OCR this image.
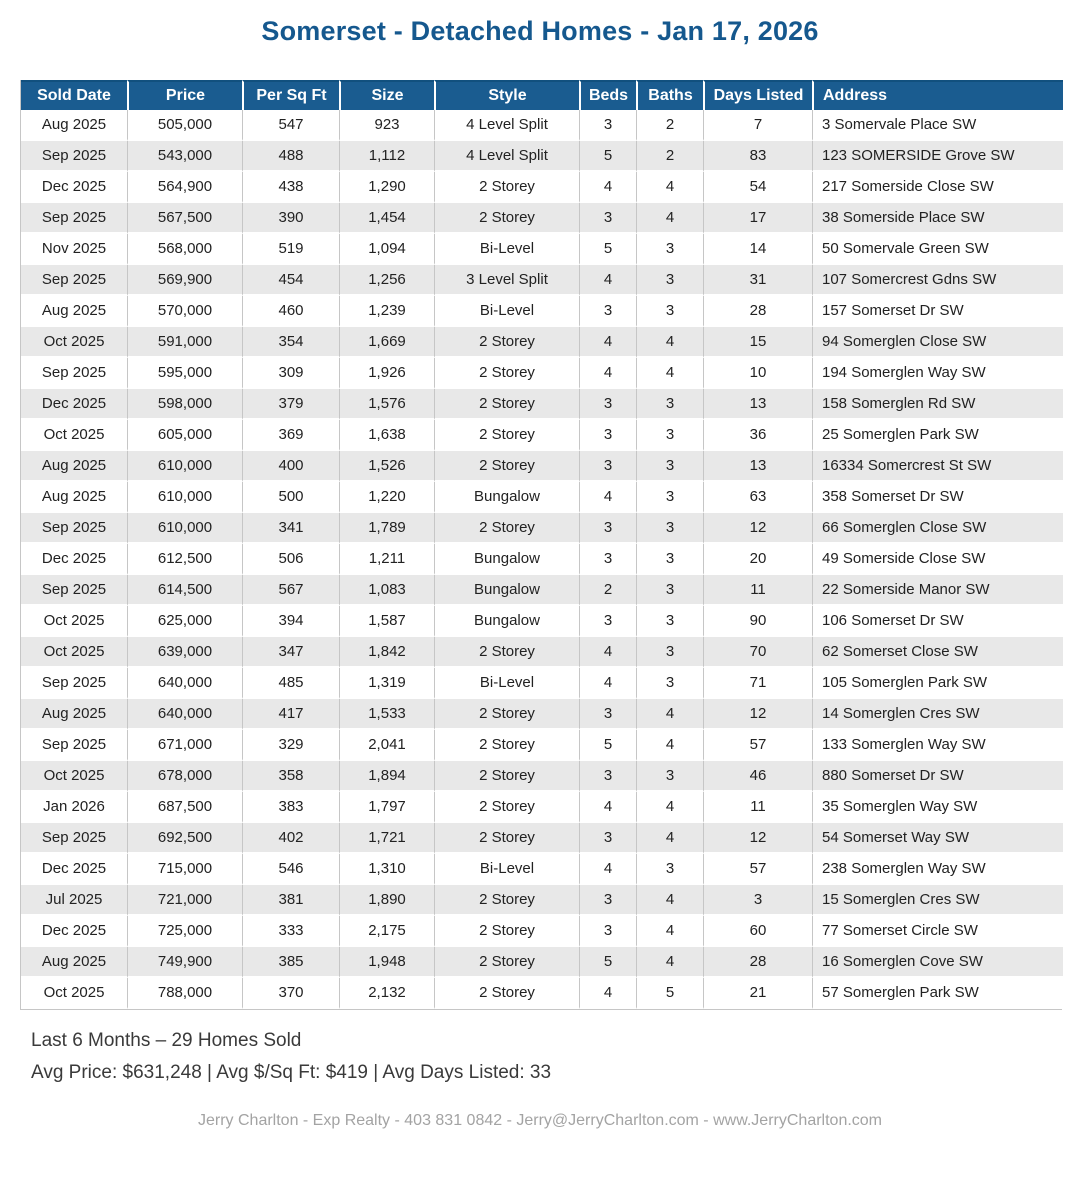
Somerset - Detached Homes - Jan 17, 2026
Sold Date	Price	Per Sq Ft	Size	Style	Beds	Baths	Days Listed	Address
Aug 2025	505,000	547	923	4 Level Split	3	2	7	3 Somervale Place SW
Sep 2025	543,000	488	1,112	4 Level Split	5	2	83	123 SOMERSIDE Grove SW
Dec 2025	564,900	438	1,290	2 Storey	4	4	54	217 Somerside Close SW
Sep 2025	567,500	390	1,454	2 Storey	3	4	17	38 Somerside Place SW
Nov 2025	568,000	519	1,094	Bi-Level	5	3	14	50 Somervale Green SW
Sep 2025	569,900	454	1,256	3 Level Split	4	3	31	107 Somercrest Gdns SW
Aug 2025	570,000	460	1,239	Bi-Level	3	3	28	157 Somerset Dr SW
Oct 2025	591,000	354	1,669	2 Storey	4	4	15	94 Somerglen Close SW
Sep 2025	595,000	309	1,926	2 Storey	4	4	10	194 Somerglen Way SW
Dec 2025	598,000	379	1,576	2 Storey	3	3	13	158 Somerglen Rd SW
Oct 2025	605,000	369	1,638	2 Storey	3	3	36	25 Somerglen Park SW
Aug 2025	610,000	400	1,526	2 Storey	3	3	13	16334 Somercrest St SW
Aug 2025	610,000	500	1,220	Bungalow	4	3	63	358 Somerset Dr SW
Sep 2025	610,000	341	1,789	2 Storey	3	3	12	66 Somerglen Close SW
Dec 2025	612,500	506	1,211	Bungalow	3	3	20	49 Somerside Close SW
Sep 2025	614,500	567	1,083	Bungalow	2	3	11	22 Somerside Manor SW
Oct 2025	625,000	394	1,587	Bungalow	3	3	90	106 Somerset Dr SW
Oct 2025	639,000	347	1,842	2 Storey	4	3	70	62 Somerset Close SW
Sep 2025	640,000	485	1,319	Bi-Level	4	3	71	105 Somerglen Park SW
Aug 2025	640,000	417	1,533	2 Storey	3	4	12	14 Somerglen Cres SW
Sep 2025	671,000	329	2,041	2 Storey	5	4	57	133 Somerglen Way SW
Oct 2025	678,000	358	1,894	2 Storey	3	3	46	880 Somerset Dr SW
Jan 2026	687,500	383	1,797	2 Storey	4	4	11	35 Somerglen Way SW
Sep 2025	692,500	402	1,721	2 Storey	3	4	12	54 Somerset Way SW
Dec 2025	715,000	546	1,310	Bi-Level	4	3	57	238 Somerglen Way SW
Jul 2025	721,000	381	1,890	2 Storey	3	4	3	15 Somerglen Cres SW
Dec 2025	725,000	333	2,175	2 Storey	3	4	60	77 Somerset Circle SW
Aug 2025	749,900	385	1,948	2 Storey	5	4	28	16 Somerglen Cove SW
Oct 2025	788,000	370	2,132	2 Storey	4	5	21	57 Somerglen Park SW
Last 6 Months – 29 Homes Sold
Avg Price: $631,248 | Avg $/Sq Ft: $419 | Avg Days Listed: 33
Jerry Charlton - Exp Realty - 403 831 0842 - Jerry@JerryCharlton.com - www.JerryCharlton.com
